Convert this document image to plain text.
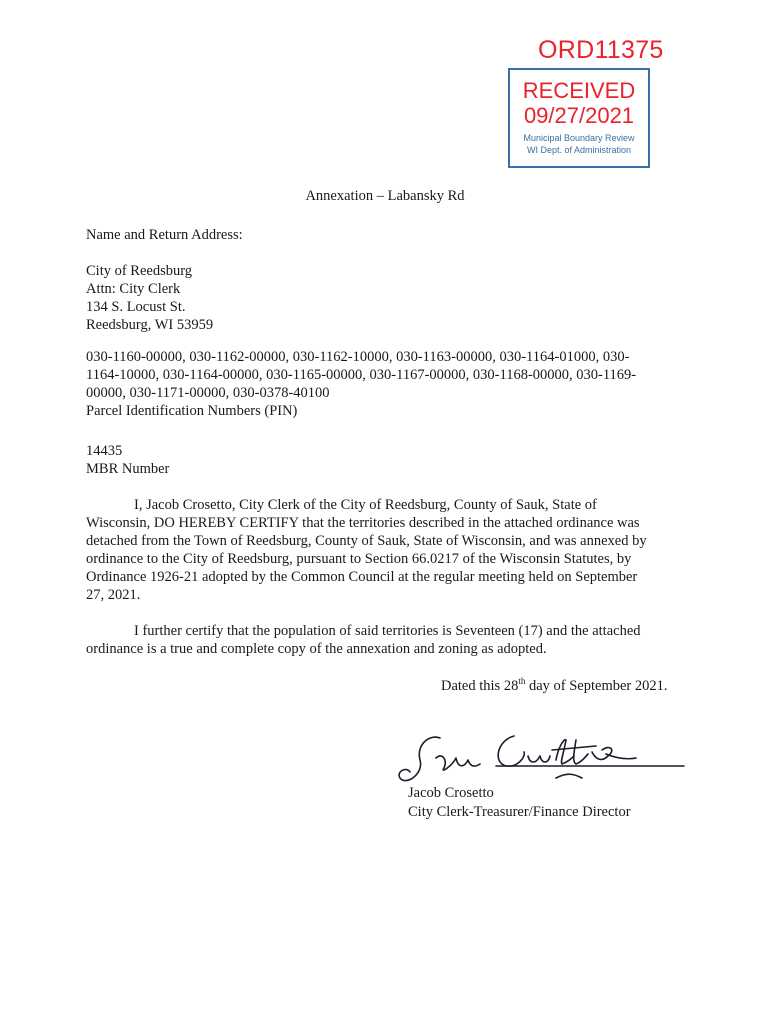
ORD11375
RECEIVED
09/27/2021
Municipal Boundary Review
WI Dept. of Administration
Annexation – Labansky Rd
Name and Return Address:
City of Reedsburg
Attn: City Clerk
134 S. Locust St.
Reedsburg, WI 53959
030-1160-00000, 030-1162-00000, 030-1162-10000, 030-1163-00000, 030-1164-01000, 030-
1164-10000, 030-1164-00000, 030-1165-00000, 030-1167-00000, 030-1168-00000, 030-1169-
00000, 030-1171-00000, 030-0378-40100
Parcel Identification Numbers (PIN)
14435
MBR Number
I, Jacob Crosetto, City Clerk of the City of Reedsburg, County of Sauk, State of
Wisconsin, DO HEREBY CERTIFY that the territories described in the attached ordinance was
detached from the Town of Reedsburg, County of Sauk, State of Wisconsin, and was annexed by
ordinance to the City of Reedsburg, pursuant to Section 66.0217 of the Wisconsin Statutes, by
Ordinance 1926-21 adopted by the Common Council at the regular meeting held on September
27, 2021.
I further certify that the population of said territories is Seventeen (17) and the attached
ordinance is a true and complete copy of the annexation and zoning as adopted.
Dated this 28th day of September 2021.
Jacob Crosetto
City Clerk-Treasurer/Finance Director
